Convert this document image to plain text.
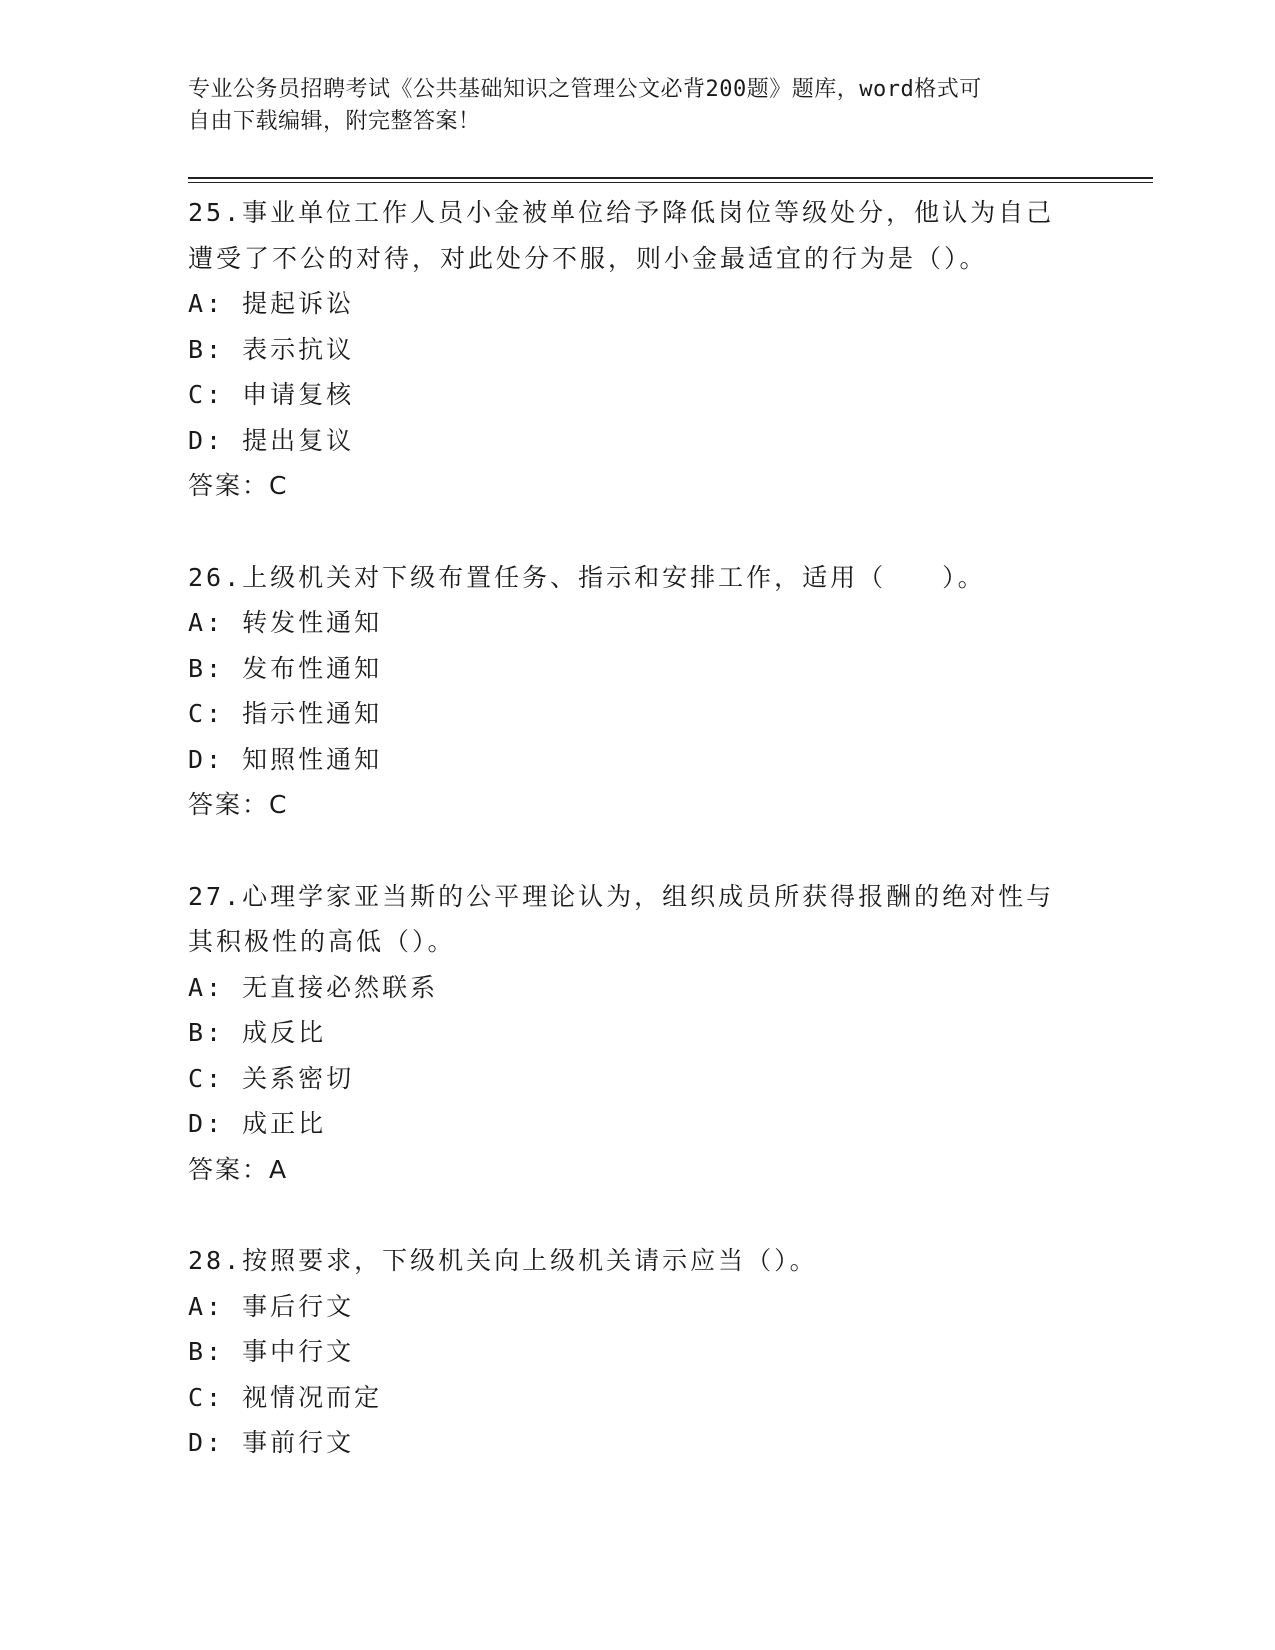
专业公务员招聘考试《公共基础知识之管理公文必背200题》题库，word格式可
自由下载编辑，附完整答案！
25.事业单位工作人员小金被单位给予降低岗位等级处分，他认为自己
遭受了不公的对待，对此处分不服，则小金最适宜的行为是（）。
A: 提起诉讼
B: 表示抗议
C: 申请复核
D: 提出复议
答案：C
26.上级机关对下级布置任务、指示和安排工作，适用（　　）。
A: 转发性通知
B: 发布性通知
C: 指示性通知
D: 知照性通知
答案：C
27.心理学家亚当斯的公平理论认为，组织成员所获得报酬的绝对性与
其积极性的高低（）。
A: 无直接必然联系
B: 成反比
C: 关系密切
D: 成正比
答案：A
28.按照要求，下级机关向上级机关请示应当（）。
A: 事后行文
B: 事中行文
C: 视情况而定
D: 事前行文
